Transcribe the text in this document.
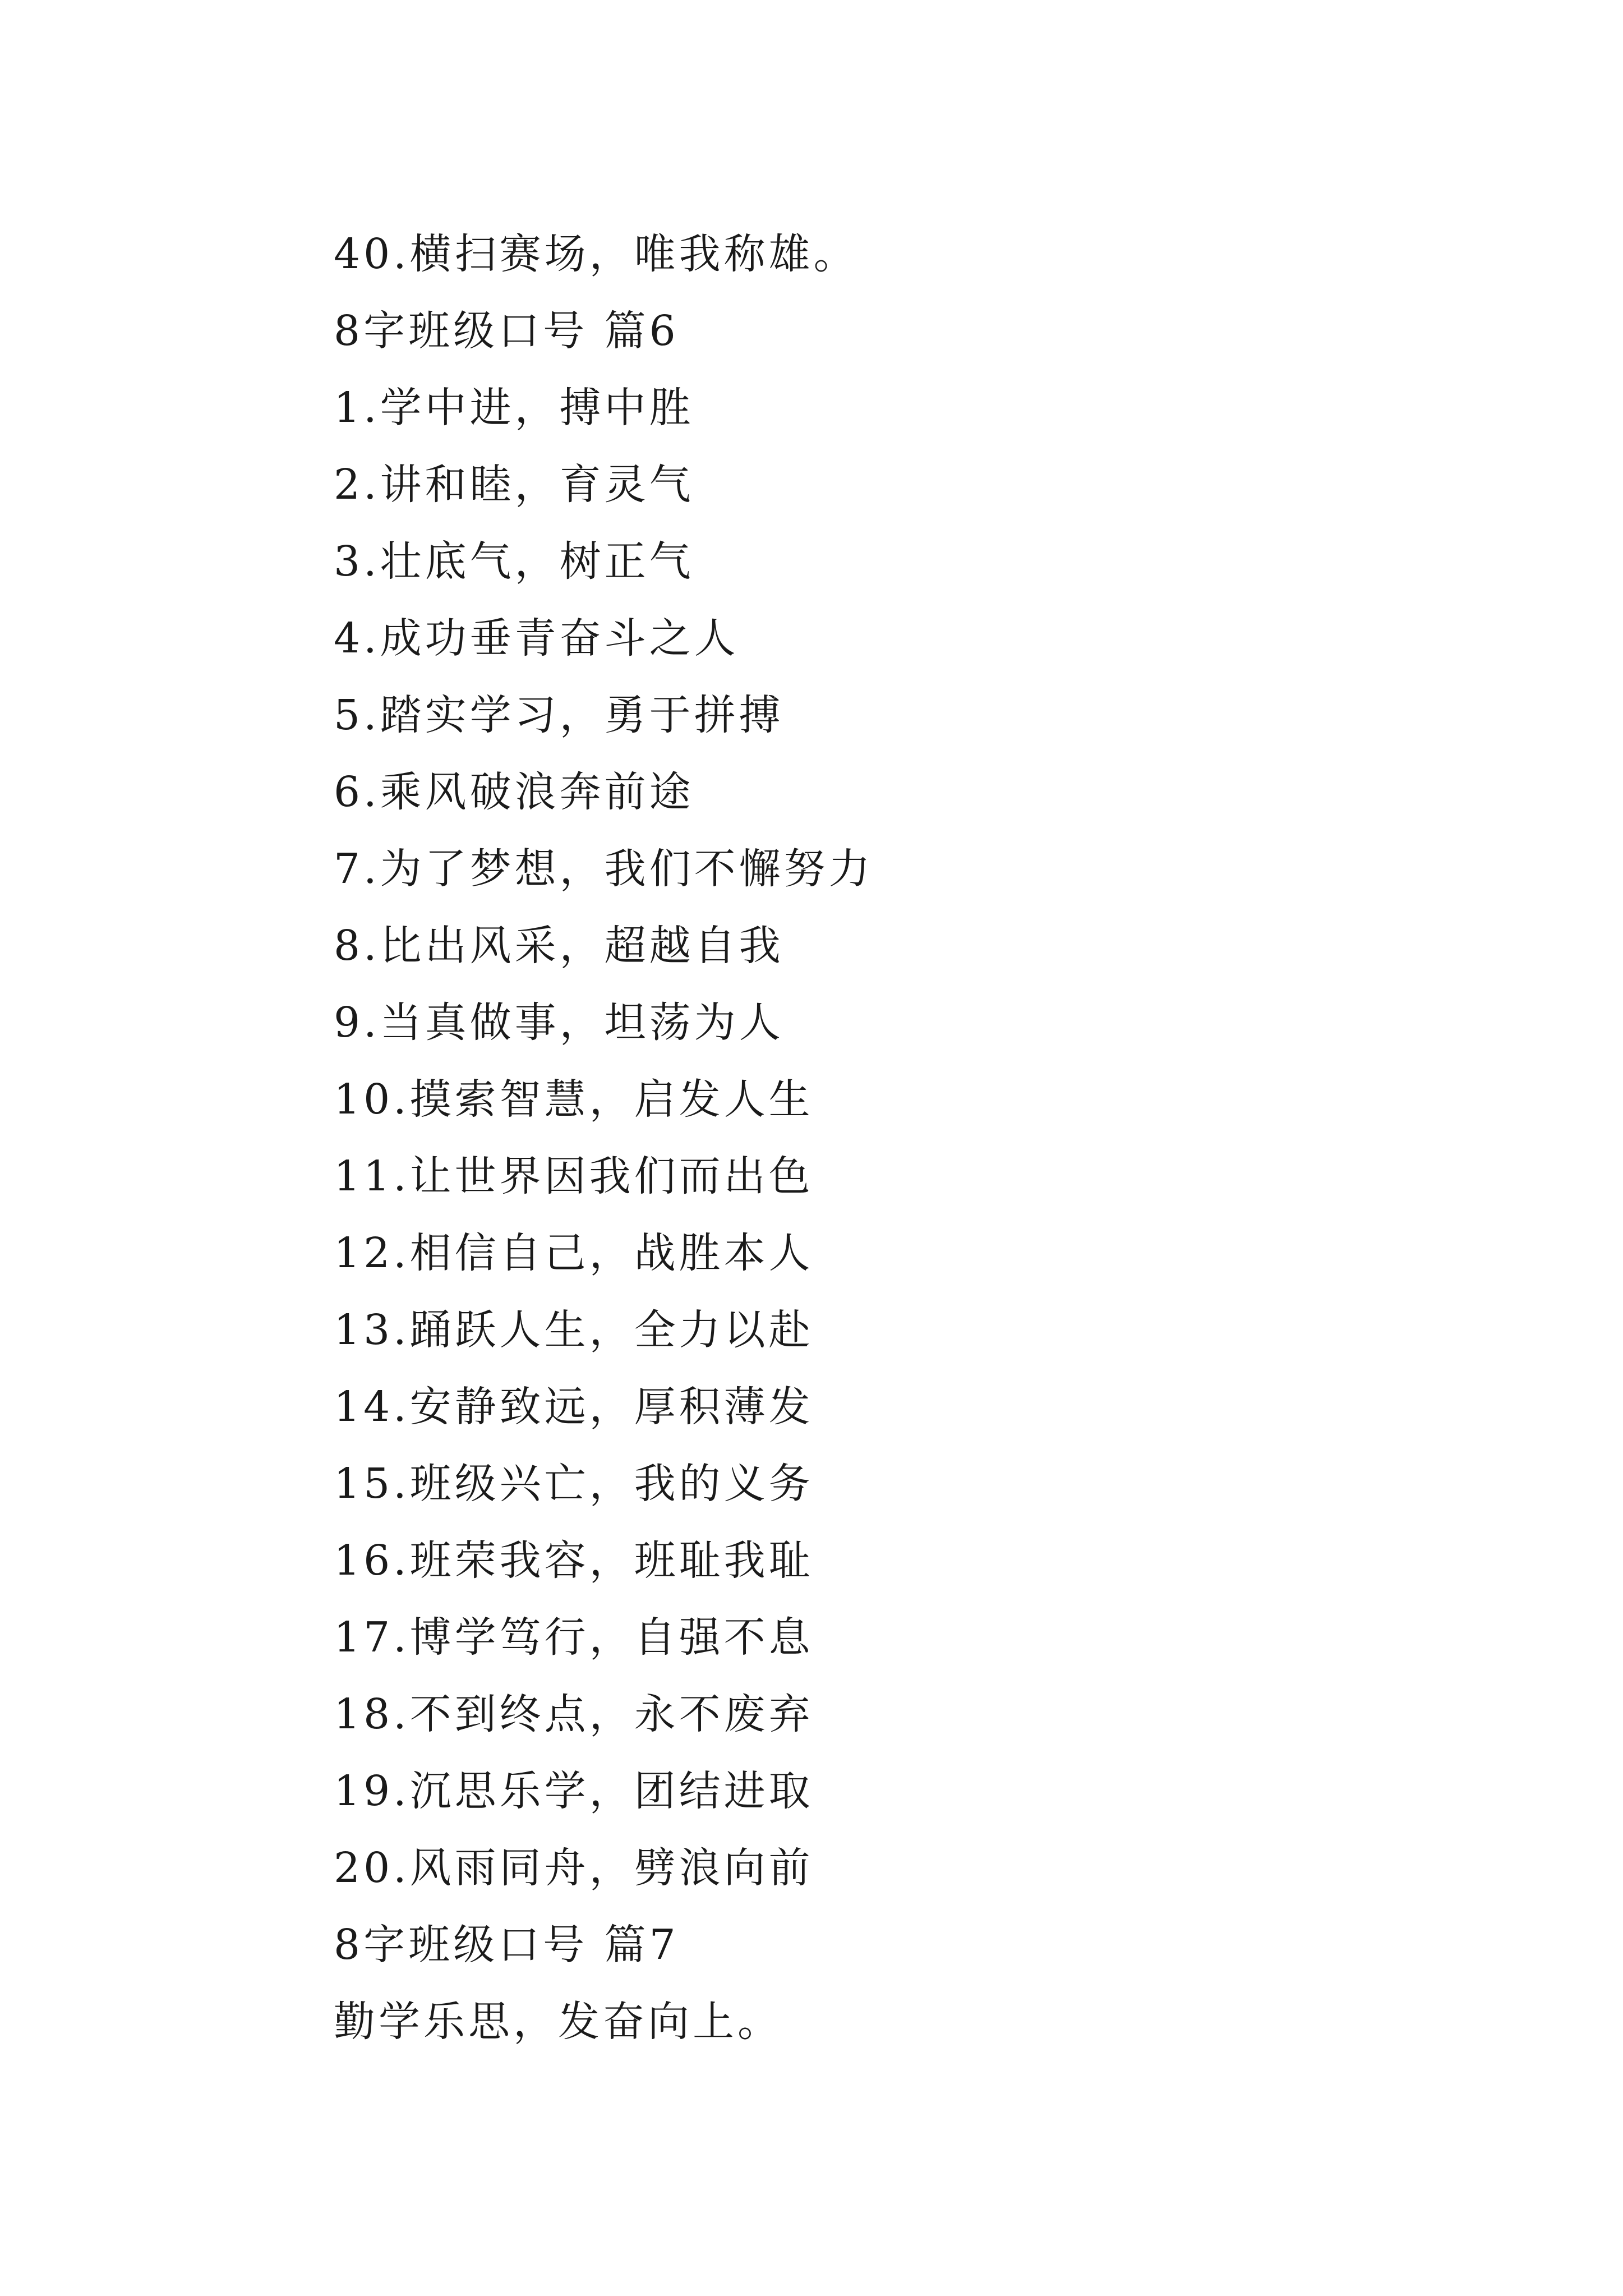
40.横扫赛场，唯我称雄。
8字班级口号 篇6
1.学中进，搏中胜
2.讲和睦，育灵气
3.壮底气，树正气
4.成功垂青奋斗之人
5.踏实学习，勇于拼搏
6.乘风破浪奔前途
7.为了梦想，我们不懈努力
8.比出风采，超越自我
9.当真做事，坦荡为人
10.摸索智慧，启发人生
11.让世界因我们而出色
12.相信自己，战胜本人
13.踊跃人生，全力以赴
14.安静致远，厚积薄发
15.班级兴亡，我的义务
16.班荣我容，班耻我耻
17.博学笃行，自强不息
18.不到终点，永不废弃
19.沉思乐学，团结进取
20.风雨同舟，劈浪向前
8字班级口号 篇7
勤学乐思，发奋向上。
